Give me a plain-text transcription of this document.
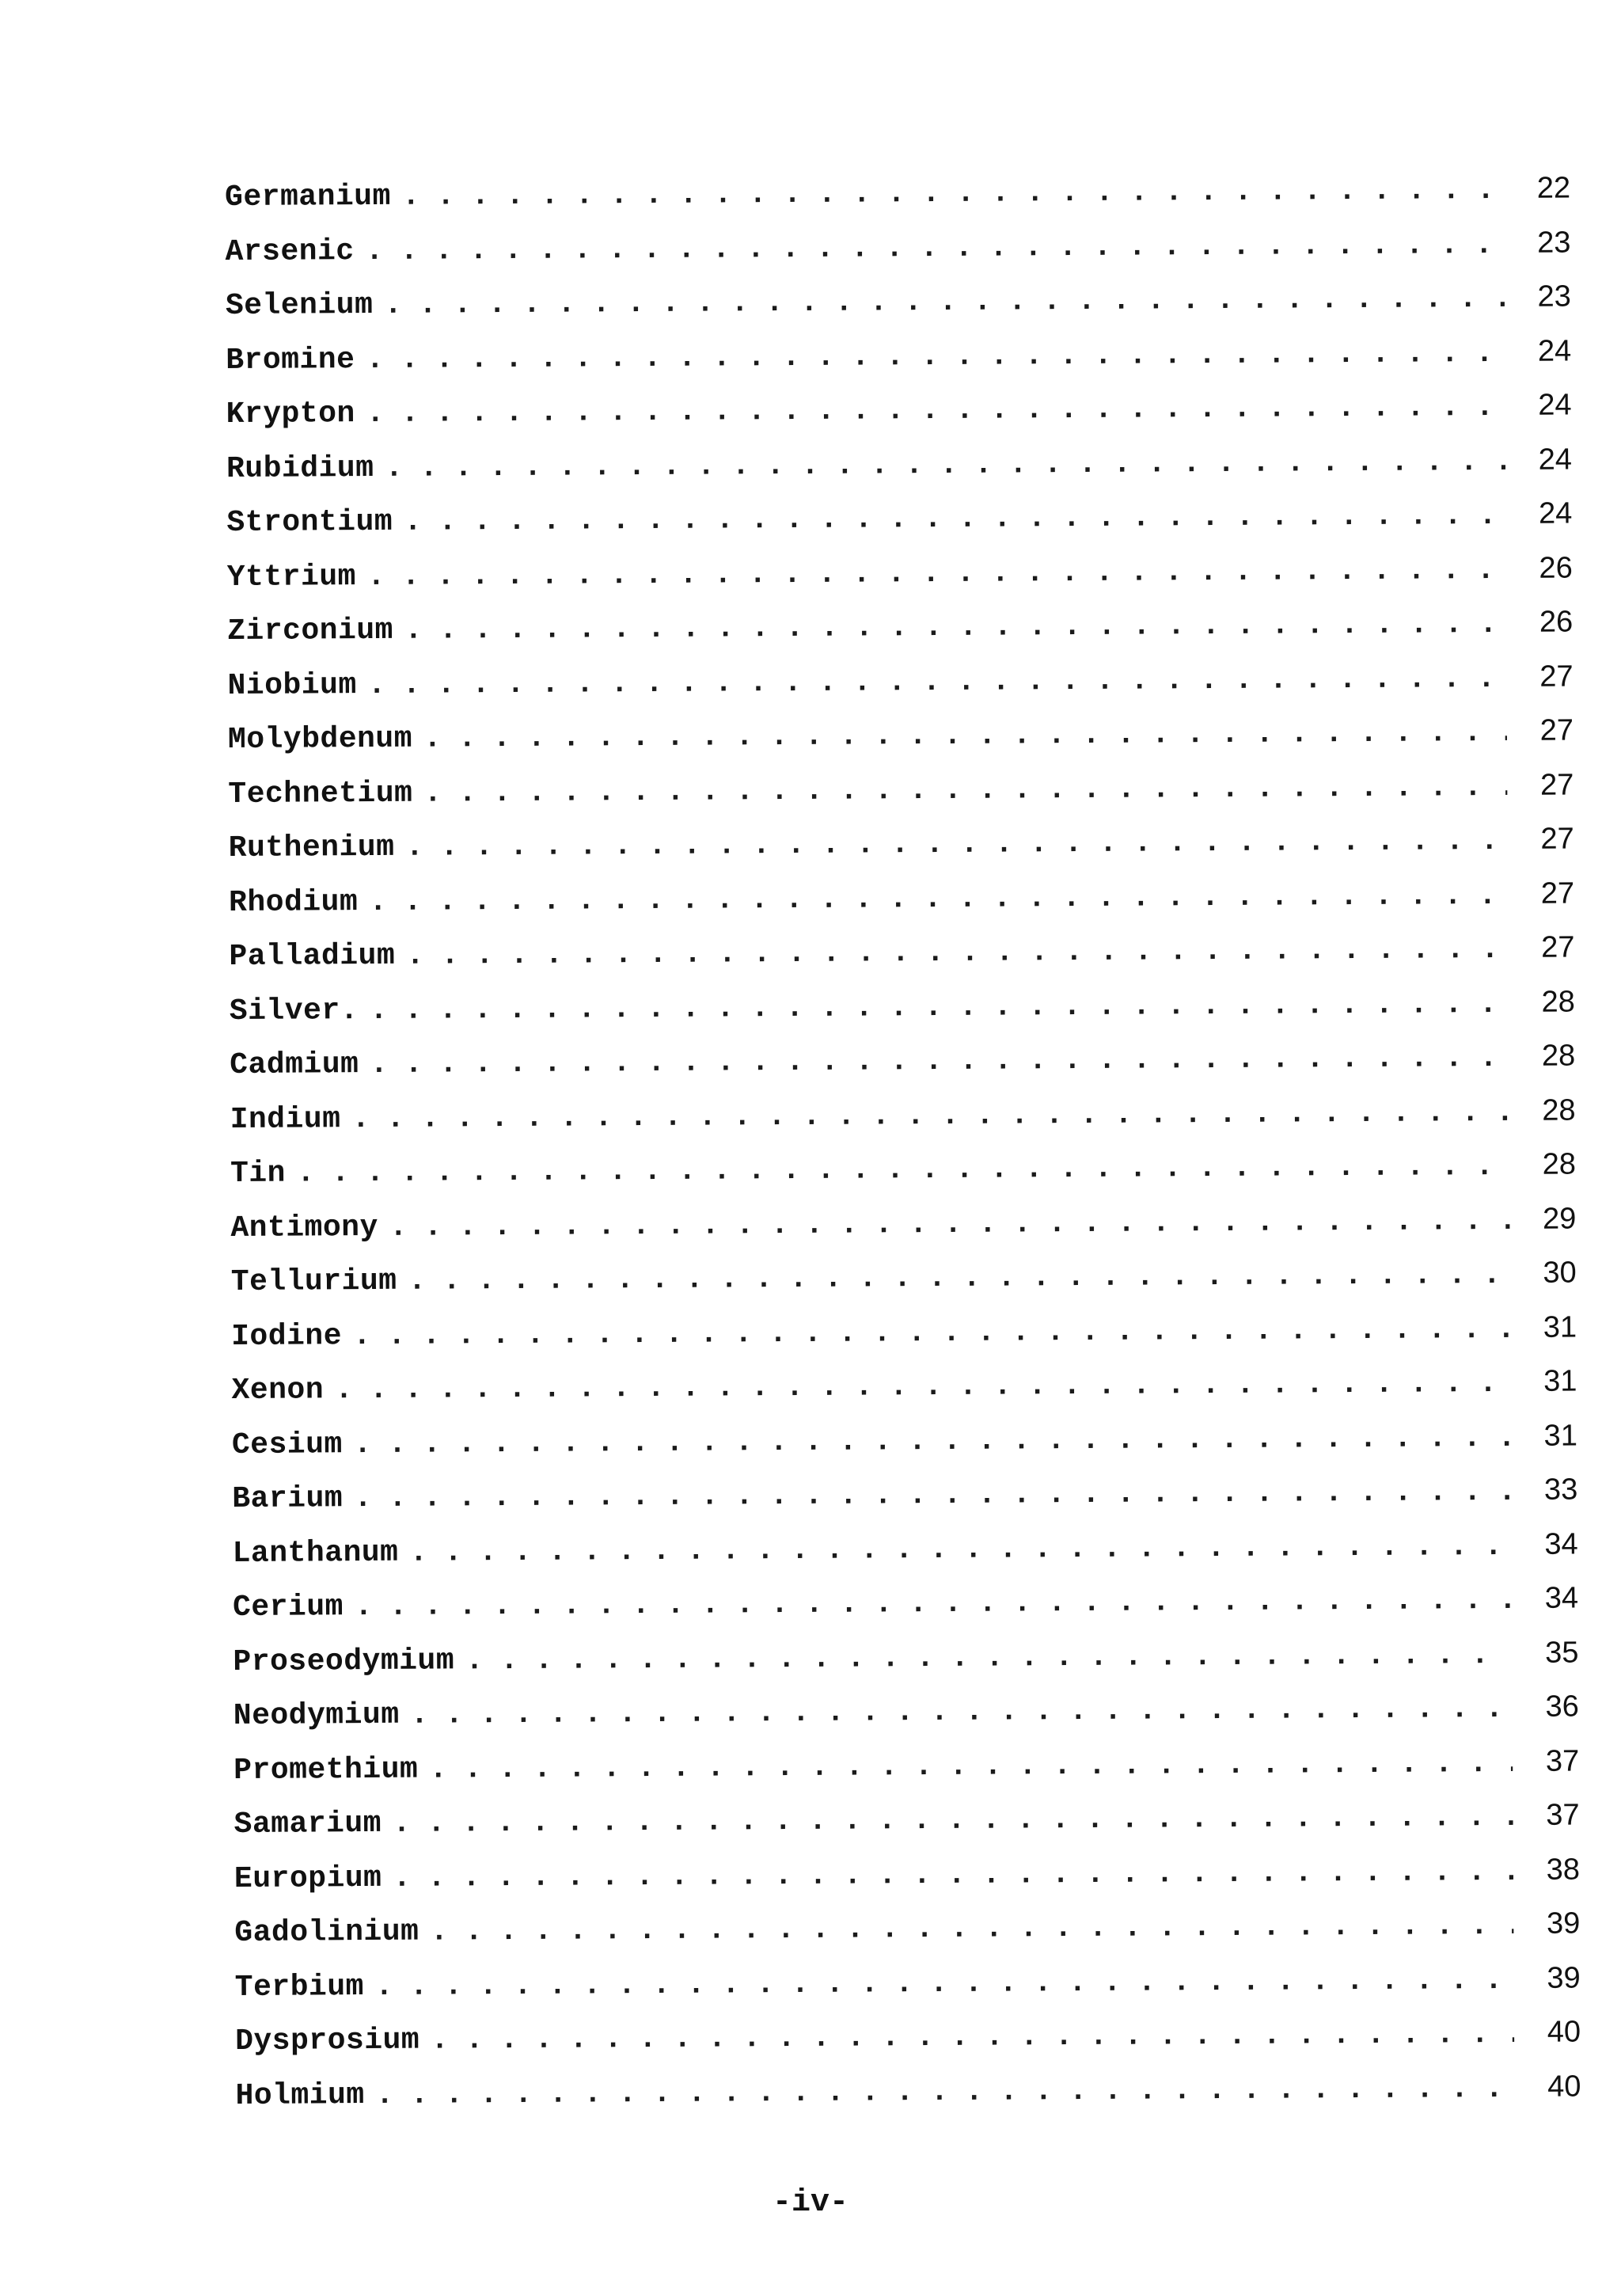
Germanium .....	22
Arsenic .....	23
Selenium .....	23
Bromine .....	24
Krypton .....	24
Rubidium .....	24
Strontium .....	24
Yttrium .....	26
Zirconium .....	26
Niobium .....	27
Molybdenum .....	27
Technetium .....	27
Ruthenium .....	27
Rhodium .....	27
Palladium .....	27
Silver. .....	28
Cadmium .....	28
Indium .....	28
Tin .....	28
Antimony .....	29
Tellurium .....	30
Iodine .....	31
Xenon .....	31
Cesium .....	31
Barium .....	33
Lanthanum .....	34
Cerium .....	34
Proseodymium .....	35
Neodymium .....	36
Promethium .....	37
Samarium .....	37
Europium .....	38
Gadolinium .....	39
Terbium .....	39
Dysprosium .....	40
Holmium .....	40
-iv-
